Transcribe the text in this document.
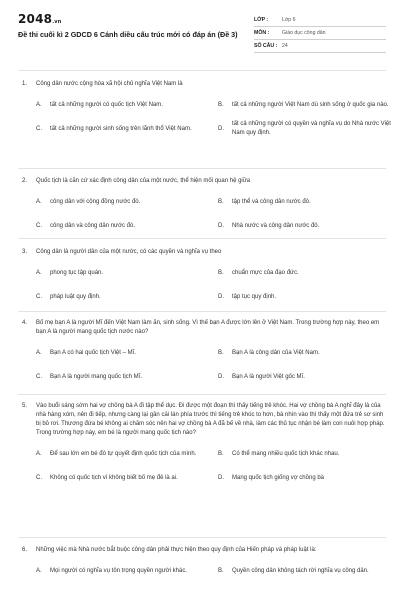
2048.vn
Đề thi cuối kì 2 GDCD 6 Cánh diều cấu trúc mới có đáp án (Đề 3)
LỚP :	Lớp 6
MÔN :	Giáo dục công dân
SỐ CÂU : 24
1. Công dân nước cộng hòa xã hội chủ nghĩa Việt Nam là
A.	tất cả những người có quốc tịch Việt Nam.	B.	tất cả những người Việt Nam dù sinh sống ở quốc gia nào.
C.	tất cả những người sinh sống trên lãnh thổ Việt Nam.	D.
tất cả những người có quyền và nghĩa vụ do Nhà nước Việt Nam quy định.
2. Quốc tịch là căn cứ xác định công dân của một nước, thể hiện mối quan hệ giữa
A.	công dân với cộng đồng nước đó.	B.	tập thể và công dân nước đó.
C.	công dân và công dân nước đó.	D.	Nhà nước và công dân nước đó.
3. Công dân là người dân của một nước, có các quyền và nghĩa vụ theo
A.	phong tục tập quán.	B.	chuẩn mực của đạo đức.
C.	pháp luật quy định.	D.	tập tục quy định.
4. Bố mẹ bạn A là người Mĩ đến Việt Nam làm ăn, sinh sống. Vì thế bạn A được lớn lên ở Việt Nam. Trong trường hợp này, theo em bạn A là người mang quốc tịch nước nào?
A.	Bạn A có hai quốc tịch Việt – Mĩ.	B.	Bạn A là công dân của Việt Nam.
C.	Bạn A là người mang quốc tịch Mĩ.	D.	Bạn A là người Việt gốc Mĩ.
5. Vào buổi sáng sớm hai vợ chồng bà A đi tập thể dục. Đi được một đoạn thì thấy tiếng trẻ khóc. Hai vợ chồng bà A nghĩ đây là của nhà hàng xóm, nên đi tiếp, nhưng càng lại gần cái lán phía trước thì tiếng trẻ khóc to hơn, bà nhìn vào thì thấy một đứa trẻ sơ sinh bị bỏ rơi. Thương đứa bé không ai chăm sóc nên hai vợ chồng bà A đã bế về nhà, làm các thủ tục nhận bé làm con nuôi hợp pháp. Trong trường hợp này, em bé là người mang quốc tịch nào?
A.	Để sau lớn em bé đó tự quyết định quốc tịch của mình.	B.	Có thể mang nhiều quốc tịch khác nhau.
C.	Không có quốc tịch vì không biết bố mẹ đẻ là ai.	D.	Mang quốc tịch giống vợ chồng bà
6. Những việc mà Nhà nước bắt buộc công dân phải thực hiện theo quy định của Hiến pháp và pháp luật là:
A.	Mọi người có nghĩa vụ tôn trọng quyền người khác.	B.	Quyền công dân không tách rời nghĩa vụ công dân.
